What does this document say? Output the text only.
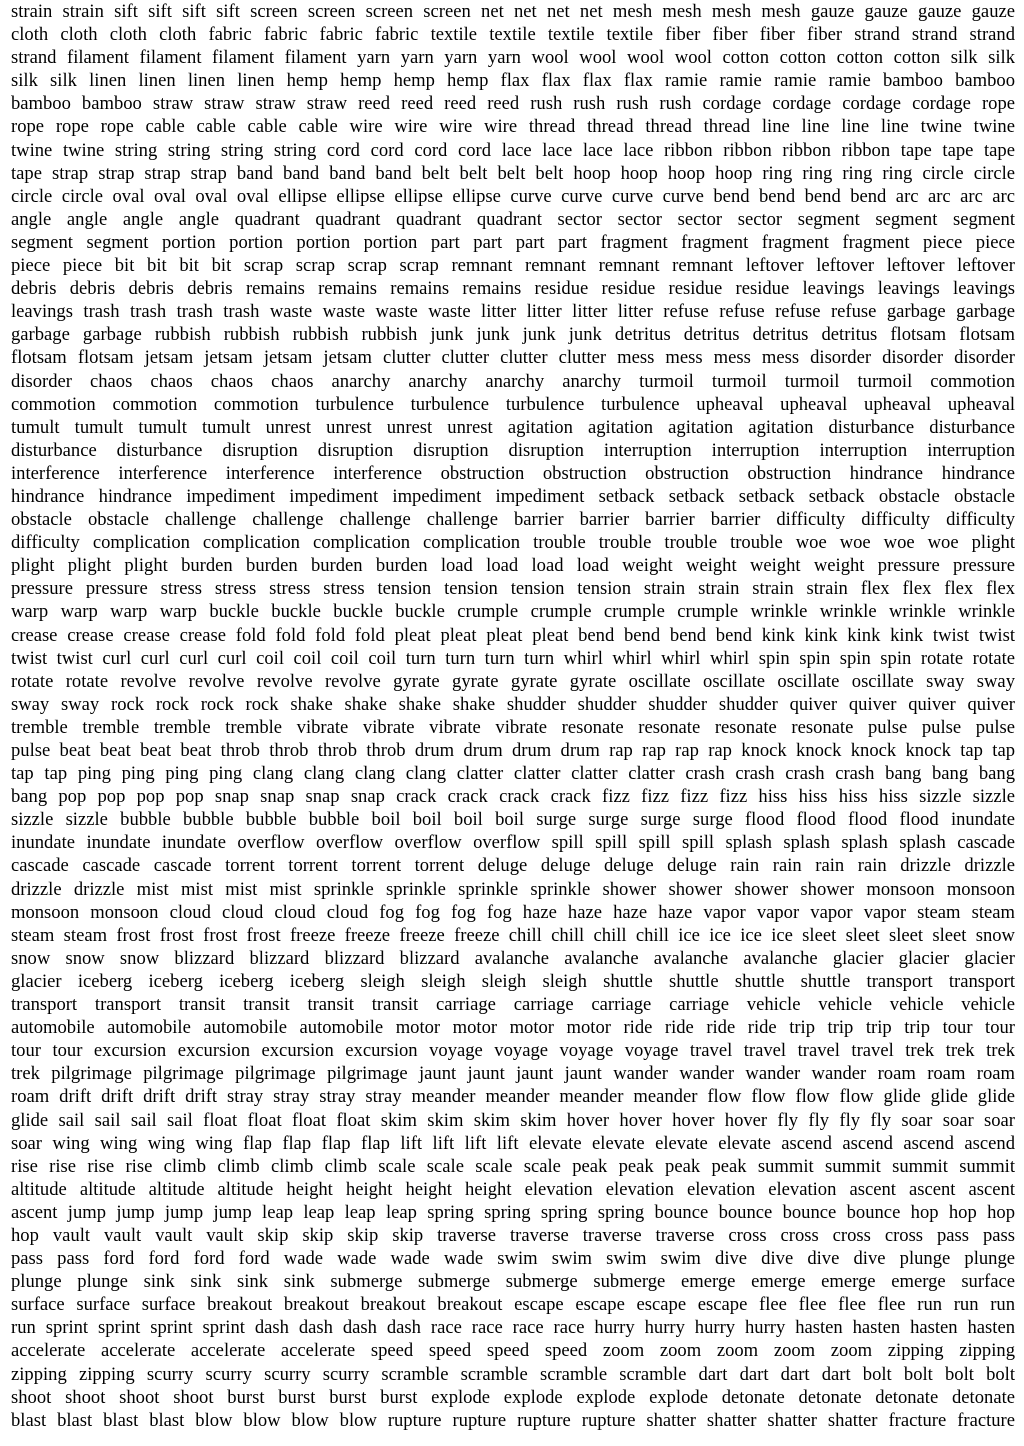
strain strain sift sift sift sift screen screen screen screen net net net net mesh mesh mesh mesh gauze gauze gauze gauze
cloth cloth cloth cloth fabric fabric fabric fabric textile textile textile textile fiber fiber fiber fiber strand strand strand
strand filament filament filament filament yarn yarn yarn yarn wool wool wool wool cotton cotton cotton cotton silk silk
silk silk linen linen linen linen hemp hemp hemp hemp flax flax flax flax ramie ramie ramie ramie bamboo bamboo
bamboo bamboo straw straw straw straw reed reed reed reed rush rush rush rush cordage cordage cordage cordage rope
rope rope rope cable cable cable cable wire wire wire wire thread thread thread thread line line line line twine twine
twine twine string string string string cord cord cord cord lace lace lace lace ribbon ribbon ribbon ribbon tape tape tape
tape strap strap strap strap band band band band belt belt belt belt hoop hoop hoop hoop ring ring ring ring circle circle
circle circle oval oval oval oval ellipse ellipse ellipse ellipse curve curve curve curve bend bend bend bend arc arc arc arc
angle angle angle angle quadrant quadrant quadrant quadrant sector sector sector sector segment segment segment
segment segment portion portion portion portion part part part part fragment fragment fragment fragment piece piece
piece piece bit bit bit bit scrap scrap scrap scrap remnant remnant remnant remnant leftover leftover leftover leftover
debris debris debris debris remains remains remains remains residue residue residue residue leavings leavings leavings
leavings trash trash trash trash waste waste waste waste litter litter litter litter refuse refuse refuse refuse garbage garbage
garbage garbage rubbish rubbish rubbish rubbish junk junk junk junk detritus detritus detritus detritus flotsam flotsam
flotsam flotsam jetsam jetsam jetsam jetsam clutter clutter clutter clutter mess mess mess mess disorder disorder disorder
disorder chaos chaos chaos chaos anarchy anarchy anarchy anarchy turmoil turmoil turmoil turmoil commotion
commotion commotion commotion turbulence turbulence turbulence turbulence upheaval upheaval upheaval upheaval
tumult tumult tumult tumult unrest unrest unrest unrest agitation agitation agitation agitation disturbance disturbance
disturbance disturbance disruption disruption disruption disruption interruption interruption interruption interruption
interference interference interference interference obstruction obstruction obstruction obstruction hindrance hindrance
hindrance hindrance impediment impediment impediment impediment setback setback setback setback obstacle obstacle
obstacle obstacle challenge challenge challenge challenge barrier barrier barrier barrier difficulty difficulty difficulty
difficulty complication complication complication complication trouble trouble trouble trouble woe woe woe woe plight
plight plight plight burden burden burden burden load load load load weight weight weight weight pressure pressure
pressure pressure stress stress stress stress tension tension tension tension strain strain strain strain flex flex flex flex
warp warp warp warp buckle buckle buckle buckle crumple crumple crumple crumple wrinkle wrinkle wrinkle wrinkle
crease crease crease crease fold fold fold fold pleat pleat pleat pleat bend bend bend bend kink kink kink kink twist twist
twist twist curl curl curl curl coil coil coil coil turn turn turn turn whirl whirl whirl whirl spin spin spin spin rotate rotate
rotate rotate revolve revolve revolve revolve gyrate gyrate gyrate gyrate oscillate oscillate oscillate oscillate sway sway
sway sway rock rock rock rock shake shake shake shake shudder shudder shudder shudder quiver quiver quiver quiver
tremble tremble tremble tremble vibrate vibrate vibrate vibrate resonate resonate resonate resonate pulse pulse pulse
pulse beat beat beat beat throb throb throb throb drum drum drum drum rap rap rap rap knock knock knock knock tap tap
tap tap ping ping ping ping clang clang clang clang clatter clatter clatter clatter crash crash crash crash bang bang bang
bang pop pop pop pop snap snap snap snap crack crack crack crack fizz fizz fizz fizz hiss hiss hiss hiss sizzle sizzle
sizzle sizzle bubble bubble bubble bubble boil boil boil boil surge surge surge surge flood flood flood flood inundate
inundate inundate inundate overflow overflow overflow overflow spill spill spill spill splash splash splash splash cascade
cascade cascade cascade torrent torrent torrent torrent deluge deluge deluge deluge rain rain rain rain drizzle drizzle
drizzle drizzle mist mist mist mist sprinkle sprinkle sprinkle sprinkle shower shower shower shower monsoon monsoon
monsoon monsoon cloud cloud cloud cloud fog fog fog fog haze haze haze haze vapor vapor vapor vapor steam steam
steam steam frost frost frost frost freeze freeze freeze freeze chill chill chill chill ice ice ice ice sleet sleet sleet sleet snow
snow snow snow blizzard blizzard blizzard blizzard avalanche avalanche avalanche avalanche glacier glacier glacier
glacier iceberg iceberg iceberg iceberg sleigh sleigh sleigh sleigh shuttle shuttle shuttle shuttle transport transport
transport transport transit transit transit transit carriage carriage carriage carriage vehicle vehicle vehicle vehicle
automobile automobile automobile automobile motor motor motor motor ride ride ride ride trip trip trip trip tour tour
tour tour excursion excursion excursion excursion voyage voyage voyage voyage travel travel travel travel trek trek trek
trek pilgrimage pilgrimage pilgrimage pilgrimage jaunt jaunt jaunt jaunt wander wander wander wander roam roam roam
roam drift drift drift drift stray stray stray stray meander meander meander meander flow flow flow flow glide glide glide
glide sail sail sail sail float float float float skim skim skim skim hover hover hover hover fly fly fly fly soar soar soar
soar wing wing wing wing flap flap flap flap lift lift lift lift elevate elevate elevate elevate ascend ascend ascend ascend
rise rise rise rise climb climb climb climb scale scale scale scale peak peak peak peak summit summit summit summit
altitude altitude altitude altitude height height height height elevation elevation elevation elevation ascent ascent ascent
ascent jump jump jump jump leap leap leap leap spring spring spring spring bounce bounce bounce bounce hop hop hop
hop vault vault vault vault skip skip skip skip traverse traverse traverse traverse cross cross cross cross pass pass
pass pass ford ford ford ford wade wade wade wade swim swim swim swim dive dive dive dive plunge plunge
plunge plunge sink sink sink sink submerge submerge submerge submerge emerge emerge emerge emerge surface
surface surface surface breakout breakout breakout breakout escape escape escape escape flee flee flee flee run run run
run sprint sprint sprint sprint dash dash dash dash race race race race hurry hurry hurry hurry hasten hasten hasten hasten
accelerate accelerate accelerate accelerate speed speed speed speed zoom zoom zoom zoom zoom zipping zipping
zipping zipping scurry scurry scurry scurry scramble scramble scramble scramble dart dart dart dart bolt bolt bolt bolt
shoot shoot shoot shoot burst burst burst burst explode explode explode explode detonate detonate detonate detonate
blast blast blast blast blow blow blow blow rupture rupture rupture rupture shatter shatter shatter shatter fracture fracture
